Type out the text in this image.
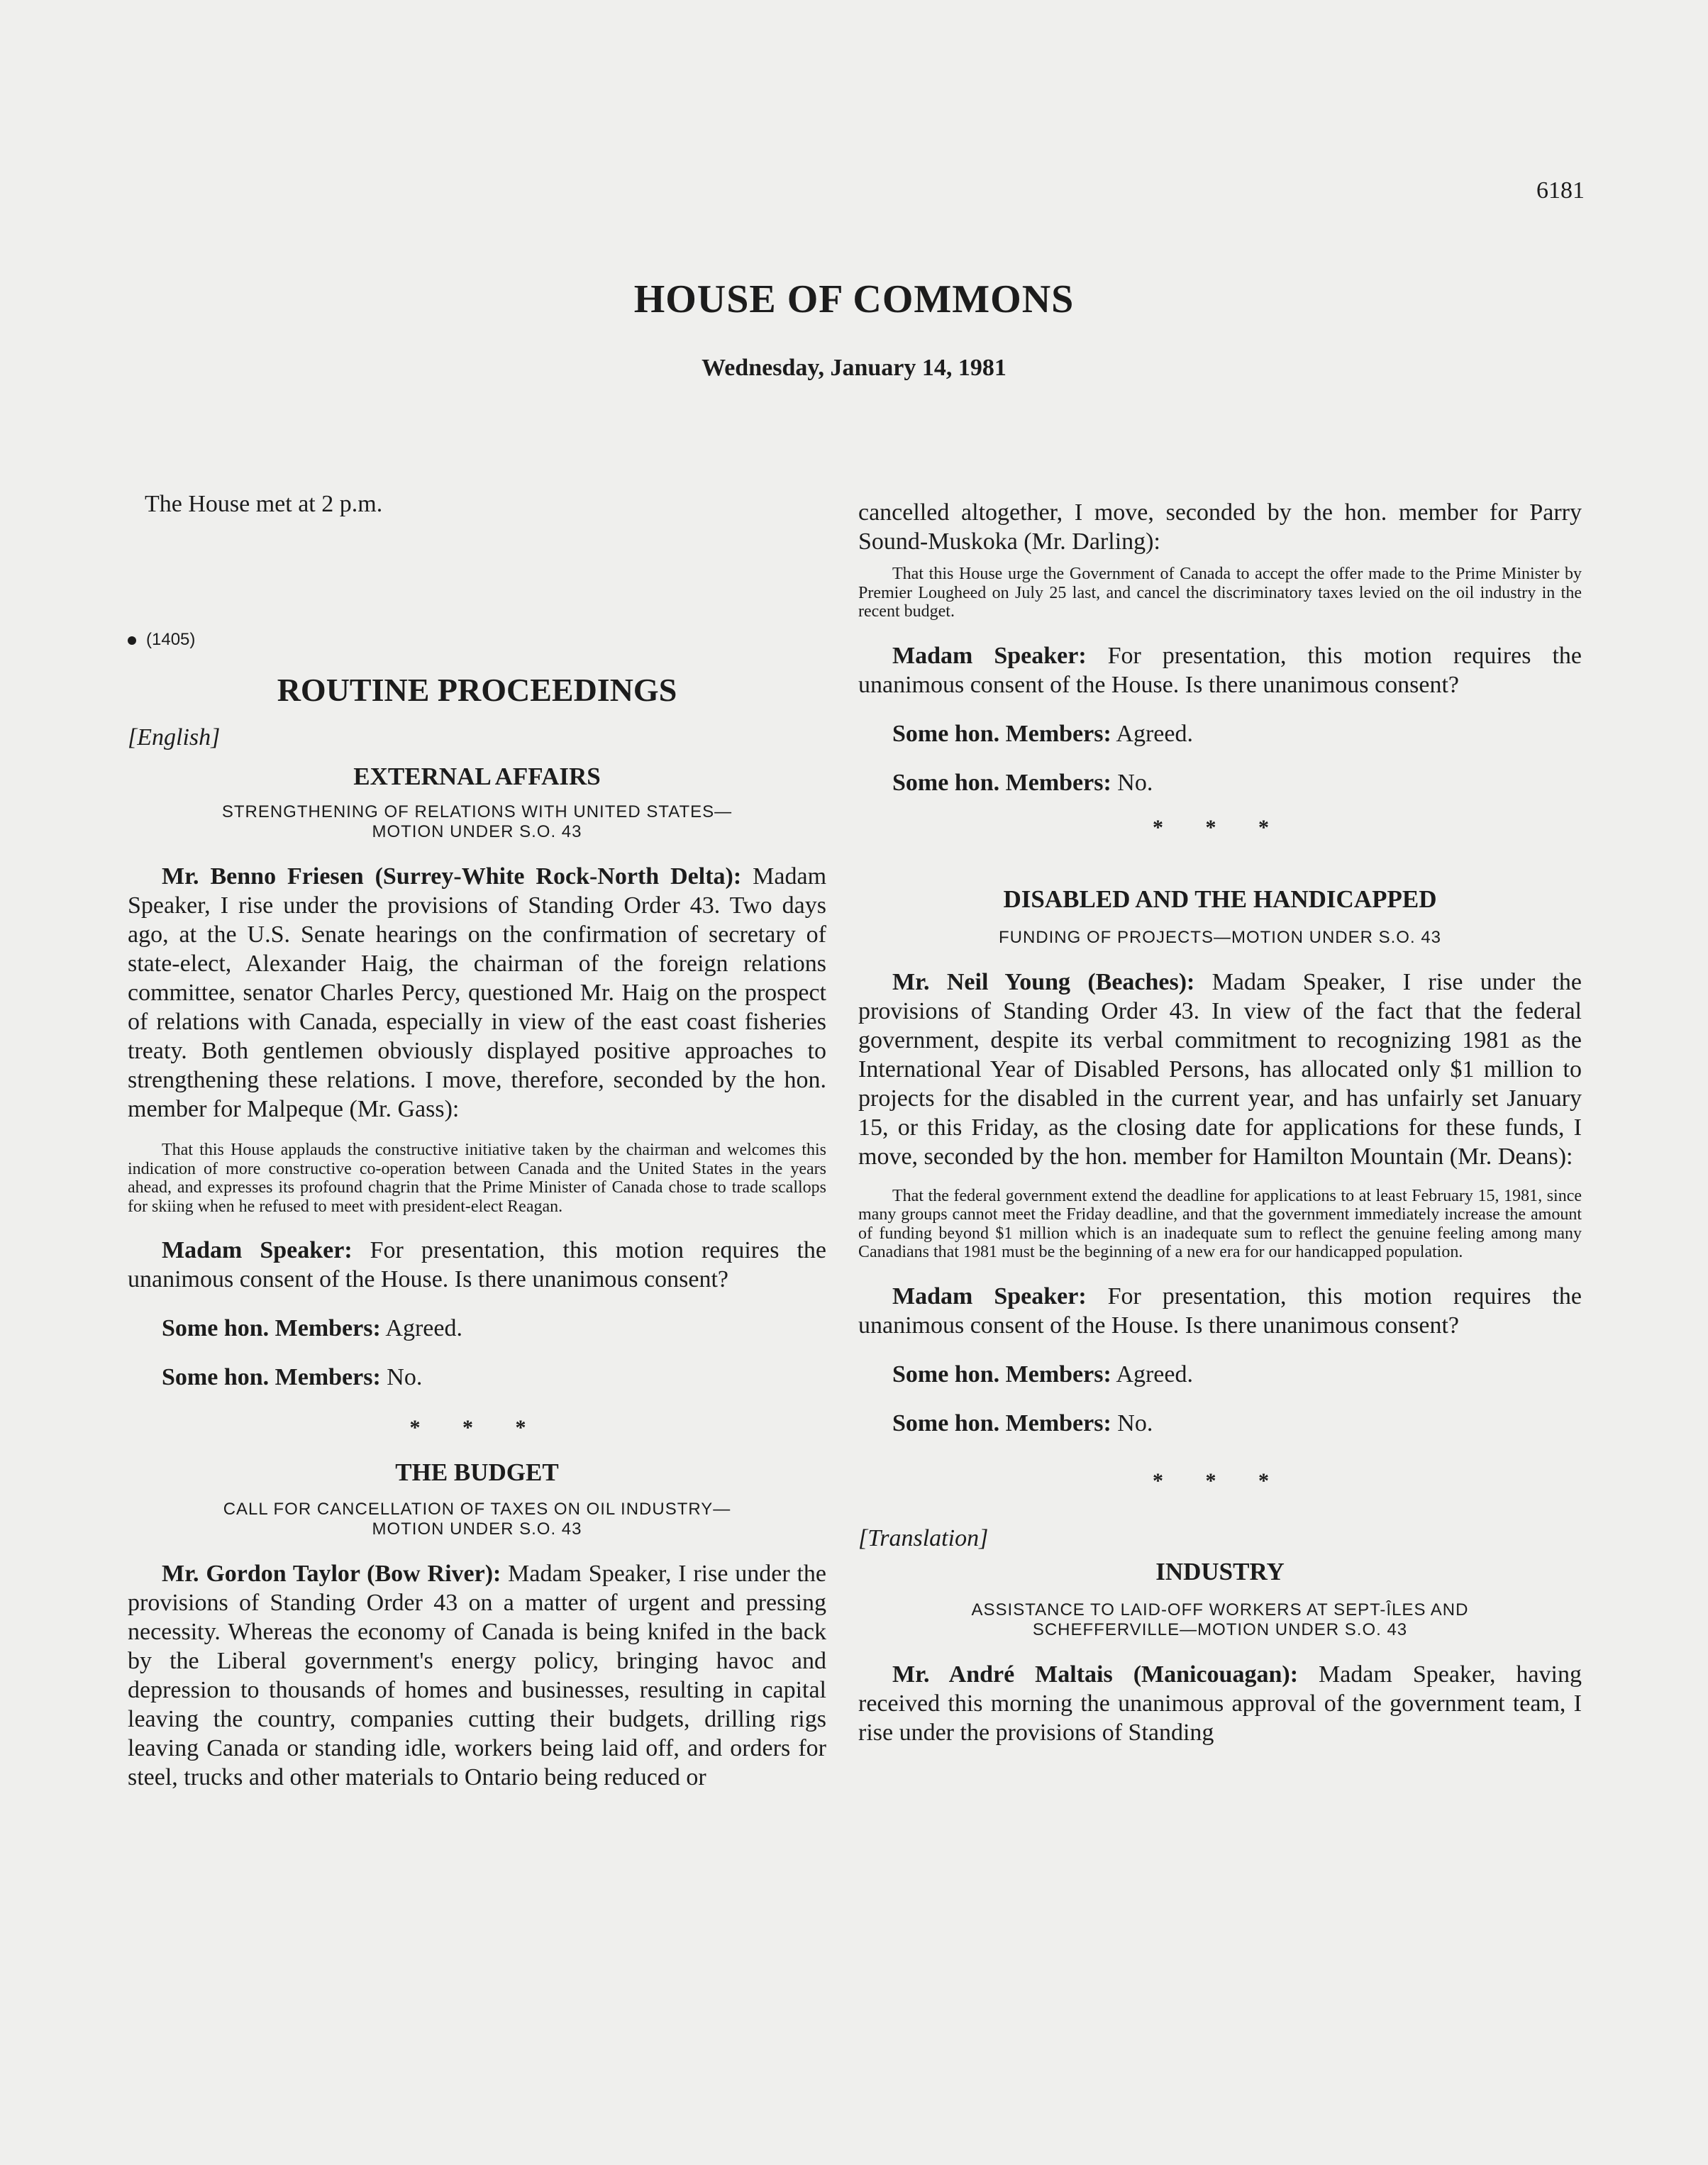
6181
HOUSE OF COMMONS
Wednesday, January 14, 1981

The House met at 2 p.m.

(1405)
ROUTINE PROCEEDINGS
[English]
EXTERNAL AFFAIRS
STRENGTHENING OF RELATIONS WITH UNITED STATES— MOTION UNDER S.O. 43

Mr. Benno Friesen (Surrey-White Rock-North Delta): Madam Speaker, I rise under the provisions of Standing Order 43. Two days ago, at the U.S. Senate hearings on the confirmation of secretary of state-elect, Alexander Haig, the chairman of the foreign relations committee, senator Charles Percy, questioned Mr. Haig on the prospect of relations with Canada, especially in view of the east coast fisheries treaty. Both gentlemen obviously displayed positive approaches to strengthening these relations. I move, therefore, seconded by the hon. member for Malpeque (Mr. Gass):

That this House applauds the constructive initiative taken by the chairman and welcomes this indication of more constructive co-operation between Canada and the United States in the years ahead, and expresses its profound chagrin that the Prime Minister of Canada chose to trade scallops for skiing when he refused to meet with president-elect Reagan.

Madam Speaker: For presentation, this motion requires the unanimous consent of the House. Is there unanimous consent?

Some hon. Members: Agreed.

Some hon. Members: No.

* * *
THE BUDGET
CALL FOR CANCELLATION OF TAXES ON OIL INDUSTRY— MOTION UNDER S.O. 43

Mr. Gordon Taylor (Bow River): Madam Speaker, I rise under the provisions of Standing Order 43 on a matter of urgent and pressing necessity. Whereas the economy of Canada is being knifed in the back by the Liberal government's energy policy, bringing havoc and depression to thousands of homes and businesses, resulting in capital leaving the country, companies cutting their budgets, drilling rigs leaving Canada or standing idle, workers being laid off, and orders for steel, trucks and other materials to Ontario being reduced or

cancelled altogether, I move, seconded by the hon. member for Parry Sound-Muskoka (Mr. Darling):

That this House urge the Government of Canada to accept the offer made to the Prime Minister by Premier Lougheed on July 25 last, and cancel the discriminatory taxes levied on the oil industry in the recent budget.

Madam Speaker: For presentation, this motion requires the unanimous consent of the House. Is there unanimous consent?

Some hon. Members: Agreed.

Some hon. Members: No.

* * *
DISABLED AND THE HANDICAPPED
FUNDING OF PROJECTS—MOTION UNDER S.O. 43

Mr. Neil Young (Beaches): Madam Speaker, I rise under the provisions of Standing Order 43. In view of the fact that the federal government, despite its verbal commitment to recognizing 1981 as the International Year of Disabled Persons, has allocated only $1 million to projects for the disabled in the current year, and has unfairly set January 15, or this Friday, as the closing date for applications for these funds, I move, seconded by the hon. member for Hamilton Mountain (Mr. Deans):

That the federal government extend the deadline for applications to at least February 15, 1981, since many groups cannot meet the Friday deadline, and that the government immediately increase the amount of funding beyond $1 million which is an inadequate sum to reflect the genuine feeling among many Canadians that 1981 must be the beginning of a new era for our handicapped population.

Madam Speaker: For presentation, this motion requires the unanimous consent of the House. Is there unanimous consent?

Some hon. Members: Agreed.

Some hon. Members: No.

* * *
[Translation]
INDUSTRY
ASSISTANCE TO LAID-OFF WORKERS AT SEPT-ÎLES AND SCHEFFERVILLE—MOTION UNDER S.O. 43

Mr. André Maltais (Manicouagan): Madam Speaker, having received this morning the unanimous approval of the government team, I rise under the provisions of Standing
